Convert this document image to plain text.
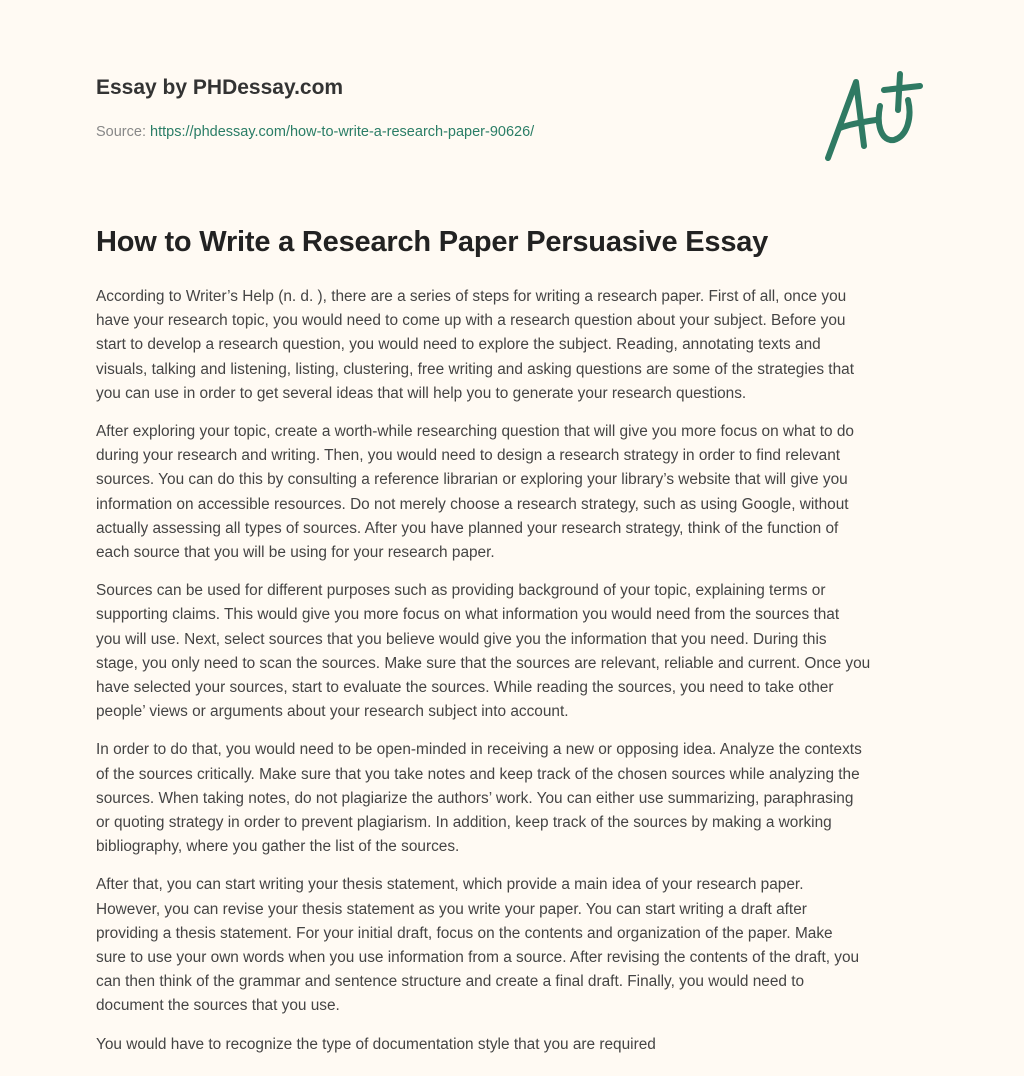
Essay by PHDessay.com
Source: https://phdessay.com/how-to-write-a-research-paper-90626/
How to Write a Research Paper Persuasive Essay

According to Writer’s Help (n. d. ), there are a series of steps for writing a research paper. First of all, once you
have your research topic, you would need to come up with a research question about your subject. Before you
start to develop a research question, you would need to explore the subject. Reading, annotating texts and
visuals, talking and listening, listing, clustering, free writing and asking questions are some of the strategies that
you can use in order to get several ideas that will help you to generate your research questions.

After exploring your topic, create a worth-while researching question that will give you more focus on what to do
during your research and writing. Then, you would need to design a research strategy in order to find relevant
sources. You can do this by consulting a reference librarian or exploring your library’s website that will give you
information on accessible resources. Do not merely choose a research strategy, such as using Google, without
actually assessing all types of sources. After you have planned your research strategy, think of the function of
each source that you will be using for your research paper.

Sources can be used for different purposes such as providing background of your topic, explaining terms or
supporting claims. This would give you more focus on what information you would need from the sources that
you will use. Next, select sources that you believe would give you the information that you need. During this
stage, you only need to scan the sources. Make sure that the sources are relevant, reliable and current. Once you
have selected your sources, start to evaluate the sources. While reading the sources, you need to take other
people’ views or arguments about your research subject into account.

In order to do that, you would need to be open-minded in receiving a new or opposing idea. Analyze the contexts
of the sources critically. Make sure that you take notes and keep track of the chosen sources while analyzing the
sources. When taking notes, do not plagiarize the authors’ work. You can either use summarizing, paraphrasing
or quoting strategy in order to prevent plagiarism. In addition, keep track of the sources by making a working
bibliography, where you gather the list of the sources.

After that, you can start writing your thesis statement, which provide a main idea of your research paper.
However, you can revise your thesis statement as you write your paper. You can start writing a draft after
providing a thesis statement. For your initial draft, focus on the contents and organization of the paper. Make
sure to use your own words when you use information from a source. After revising the contents of the draft, you
can then think of the grammar and sentence structure and create a final draft. Finally, you would need to
document the sources that you use.

You would have to recognize the type of documentation style that you are required
